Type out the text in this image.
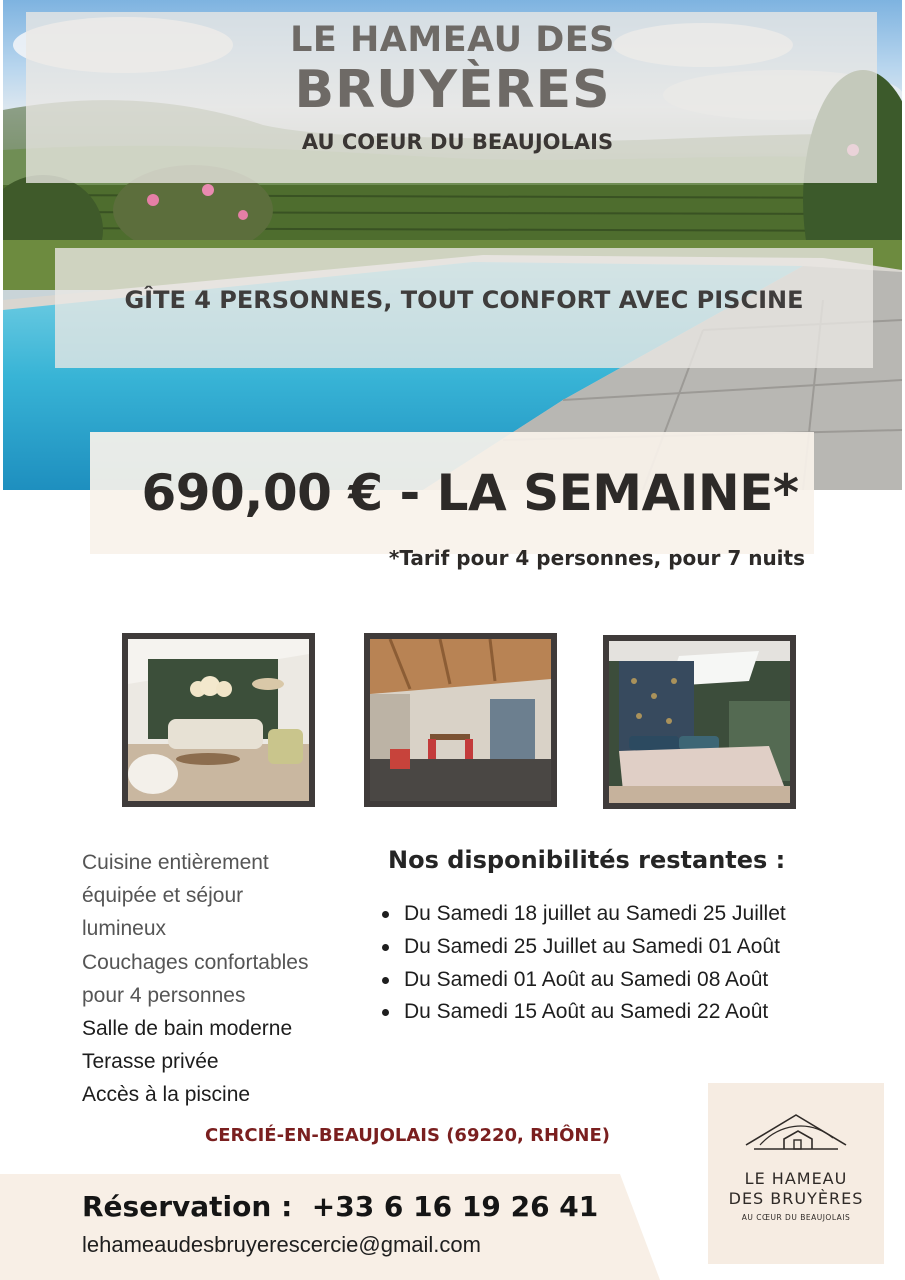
LE HAMEAU DES
BRUYÈRES
AU COEUR DU BEAUJOLAIS
GÎTE 4 PERSONNES, TOUT CONFORT AVEC PISCINE
690,00 € - LA SEMAINE*
*Tarif pour 4 personnes, pour 7 nuits
Cuisine entièrement
équipée et séjour
lumineux
Couchages confortables
pour 4 personnes
Salle de bain moderne
Terasse privée
Accès à la piscine
Nos disponibilités restantes :
Du Samedi 18 juillet au Samedi 25 Juillet
Du Samedi 25 Juillet au Samedi 01 Août
Du Samedi 01 Août au Samedi 08 Août
Du Samedi 15 Août au Samedi 22 Août
CERCIÉ-EN-BEAUJOLAIS (69220, RHÔNE)
Réservation :  +33 6 16 19 26 41
lehameaudesbruyerescercie@gmail.com
LE HAMEAU
DES BRUYÈRES
AU CŒUR DU BEAUJOLAIS
